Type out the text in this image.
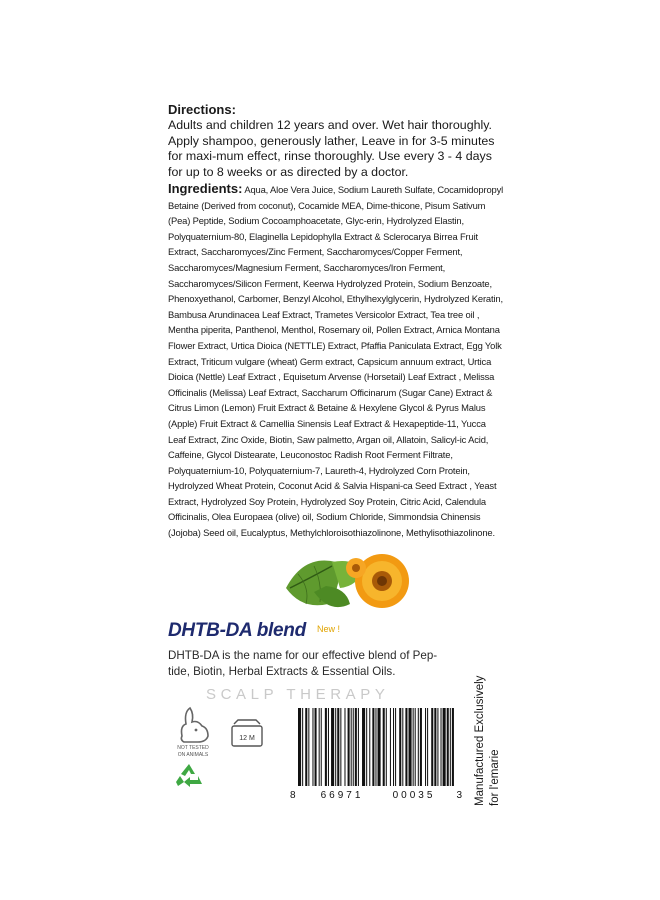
Directions:
Adults and children 12 years and over. Wet hair thoroughly. Apply shampoo, generously lather, Leave in for 3-5 minutes for maxi-mum effect, rinse thoroughly. Use every 3 - 4 days for up to 8 weeks or as directed by a doctor.
Ingredients: Aqua, Aloe Vera Juice, Sodium Laureth Sulfate, Cocamidopropyl Betaine (Derived from coconut), Cocamide MEA, Dime-thicone, Pisum Sativum (Pea) Peptide, Sodium Cocoamphoacetate, Glyc-erin, Hydrolyzed Elastin, Polyquaternium-80, Elaginella Lepidophylla Extract & Sclerocarya Birrea Fruit Extract, Saccharomyces/Zinc Ferment, Saccharomyces/Copper Ferment, Saccharomyces/Magnesium Ferment, Saccharomyces/Iron Ferment, Saccharomyces/Silicon Ferment, Keerwa Hydrolyzed Protein, Sodium Benzoate, Phenoxyethanol, Carbomer, Benzyl Alcohol, Ethylhexylglycerin, Hydrolyzed Keratin, Bambusa Arundinacea Leaf Extract, Trametes Versicolor Extract, Tea tree oil , Mentha piperita, Panthenol, Menthol, Rosemary oil, Pollen Extract, Arnica Montana Flower Extract, Urtica Dioica (NETTLE) Extract, Pfaffia Paniculata Extract, Egg Yolk Extract, Triticum vulgare (wheat) Germ extract, Capsicum annuum extract, Urtica Dioica (Nettle) Leaf Extract , Equisetum Arvense (Horsetail) Leaf Extract , Melissa Officinalis (Melissa) Leaf Extract, Saccharum Officinarum (Sugar Cane) Extract & Citrus Limon (Lemon) Fruit Extract & Betaine & Hexylene Glycol & Pyrus Malus (Apple) Fruit Extract & Camellia Sinensis Leaf Extract & Hexapeptide-11, Yucca Leaf Extract, Zinc Oxide, Biotin, Saw palmetto, Argan oil, Allatoin, Salicyl-ic Acid, Caffeine, Glycol Distearate, Leuconostoc Radish Root Ferment Filtrate, Polyquaternium-10, Polyquaternium-7, Laureth-4, Hydrolyzed Corn Protein, Hydrolyzed Wheat Protein, Coconut Acid & Salvia Hispani-ca Seed Extract , Yeast Extract, Hydrolyzed Soy Protein, Hydrolyzed Soy Protein, Citric Acid, Calendula Officinalis, Olea Europaea (olive) oil, Sodium Chloride, Simmondsia Chinensis (Jojoba) Seed oil, Eucalyptus, Methylchloroisothiazolinone, Methylisothiazolinone.
DHTB-DA blend New !
DHTB-DA is the name for our effective blend of Pep-tide, Biotin, Herbal Extracts & Essential Oils.
SCALP THERAPY
NOT TESTED
ON ANIMALS
12 M
8	66971	00035 3 Manufactured Exclusively for l'emarie
